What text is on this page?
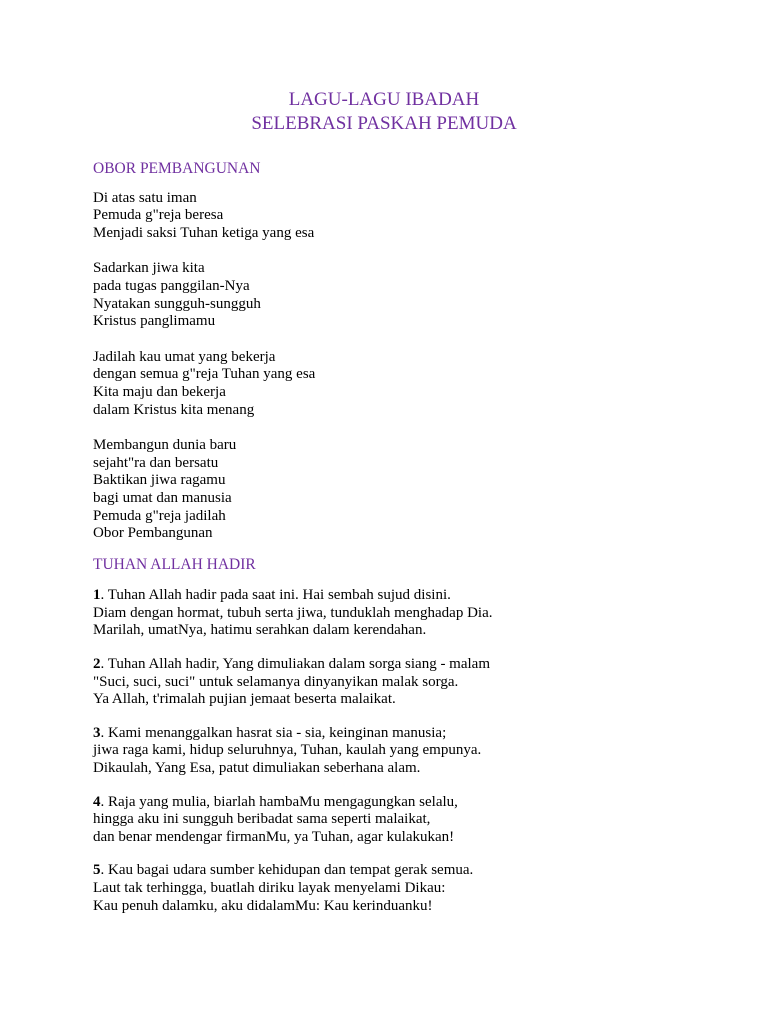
LAGU-LAGU IBADAH
SELEBRASI PASKAH PEMUDA
OBOR PEMBANGUNAN
Di atas satu iman
Pemuda g"reja beresa
Menjadi saksi Tuhan ketiga yang esa
Sadarkan jiwa kita
pada tugas panggilan-Nya
Nyatakan sungguh-sungguh
Kristus panglimamu
Jadilah kau umat yang bekerja
dengan semua g"reja Tuhan yang esa
Kita maju dan bekerja
dalam Kristus kita menang
Membangun dunia baru
sejaht"ra dan bersatu
Baktikan jiwa ragamu
bagi umat dan manusia
Pemuda g"reja jadilah
Obor Pembangunan
TUHAN ALLAH HADIR
1. Tuhan Allah hadir pada saat ini. Hai sembah sujud disini.
Diam dengan hormat, tubuh serta jiwa, tunduklah menghadap Dia.
Marilah, umatNya, hatimu serahkan dalam kerendahan.
2. Tuhan Allah hadir, Yang dimuliakan dalam sorga siang - malam
"Suci, suci, suci" untuk selamanya dinyanyikan malak sorga.
Ya Allah, t'rimalah pujian jemaat beserta malaikat.
3. Kami menanggalkan hasrat sia - sia, keinginan manusia;
jiwa raga kami, hidup seluruhnya, Tuhan, kaulah yang empunya.
Dikaulah, Yang Esa, patut dimuliakan seberhana alam.
4. Raja yang mulia, biarlah hambaMu mengagungkan selalu,
hingga aku ini sungguh beribadat sama seperti malaikat,
dan benar mendengar firmanMu, ya Tuhan, agar kulakukan!
5. Kau bagai udara sumber kehidupan dan tempat gerak semua.
Laut tak terhingga, buatlah diriku layak menyelami Dikau:
Kau penuh dalamku, aku didalamMu: Kau kerinduanku!
